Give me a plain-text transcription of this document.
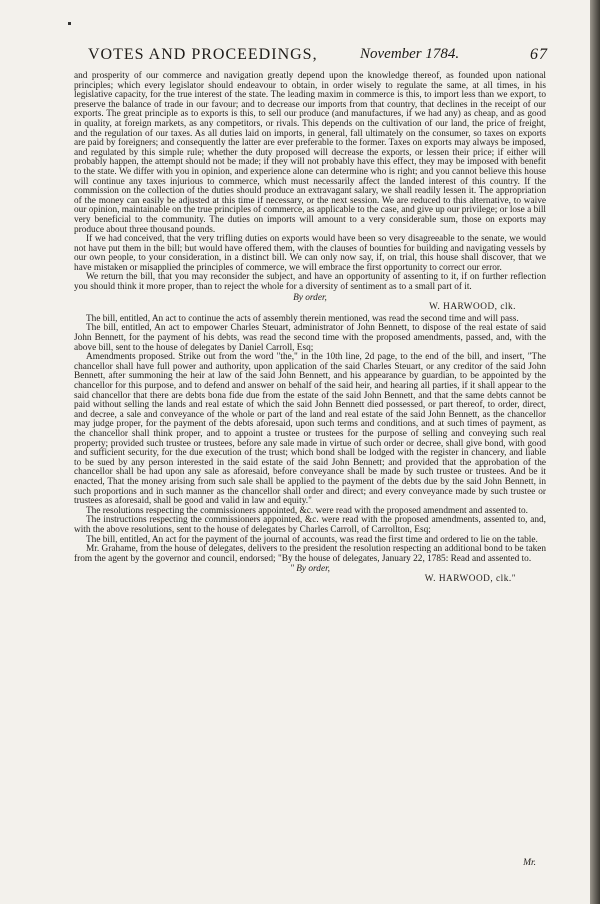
VOTES AND PROCEEDINGS,	November 1784.	67

and prosperity of our commerce and navigation greatly depend upon the knowledge thereof, as founded upon national principles; which every legislator should endeavour to obtain, in order wisely to regulate the same, at all times, in his legislative capacity, for the true interest of the state. The leading maxim in commerce is this, to import less than we export, to preserve the balance of trade in our favour; and to decrease our imports from that country, that declines in the receipt of our exports. The great principle as to exports is this, to sell our produce (and manufactures, if we had any) as cheap, and as good in quality, at foreign markets, as any competitors, or rivals. This depends on the cultivation of our land, the price of freight, and the regulation of our taxes. As all duties laid on imports, in general, fall ultimately on the consumer, so taxes on exports are paid by foreigners; and consequently the latter are ever preferable to the former. Taxes on exports may always be imposed, and regulated by this simple rule; whether the duty proposed will decrease the exports, or lessen their price; if either will probably happen, the attempt should not be made; if they will not probably have this effect, they may be imposed with benefit to the state. We differ with you in opinion, and experience alone can determine who is right; and you cannot believe this house will continue any taxes injurious to commerce, which must necessarily affect the landed interest of this country. If the commission on the collection of the duties should produce an extravagant salary, we shall readily lessen it. The appropriation of the money can easily be adjusted at this time if necessary, or the next session. We are reduced to this alternative, to waive our opinion, maintainable on the true principles of commerce, as applicable to the case, and give up our privilege; or lose a bill very beneficial to the community. The duties on imports will amount to a very considerable sum, those on exports may produce about three thousand pounds.

If we had conceived, that the very trifling duties on exports would have been so very disagreeable to the senate, we would not have put them in the bill; but would have offered them, with the clauses of bounties for building and navigating vessels by our own people, to your consideration, in a distinct bill. We can only now say, if, on trial, this house shall discover, that we have mistaken or misapplied the principles of commerce, we will embrace the first opportunity to correct our error.

We return the bill, that you may reconsider the subject, and have an opportunity of assenting to it, if on further reflection you should think it more proper, than to reject the whole for a diversity of sentiment as to a small part of it.

By order,
W. HARWOOD, clk.

The bill, entitled, An act to continue the acts of assembly therein mentioned, was read the second time and will pass.

The bill, entitled, An act to empower Charles Steuart, administrator of John Bennett, to dispose of the real estate of said John Bennett, for the payment of his debts, was read the second time with the proposed amendments, passed, and, with the above bill, sent to the house of delegates by Daniel Carroll, Esq;

Amendments proposed. Strike out from the word "the," in the 10th line, 2d page, to the end of the bill, and insert, "The chancellor shall have full power and authority, upon application of the said Charles Steuart, or any creditor of the said John Bennett, after summoning the heir at law of the said John Bennett, and his appearance by guardian, to be appointed by the chancellor for this purpose, and to defend and answer on behalf of the said heir, and hearing all parties, if it shall appear to the said chancellor that there are debts bona fide due from the estate of the said John Bennett, and that the same debts cannot be paid without selling the lands and real estate of which the said John Bennett died possessed, or part thereof, to order, direct, and decree, a sale and conveyance of the whole or part of the land and real estate of the said John Bennett, as the chancellor may judge proper, for the payment of the debts aforesaid, upon such terms and conditions, and at such times of payment, as the chancellor shall think proper, and to appoint a trustee or trustees for the purpose of selling and conveying such real property; provided such trustee or trustees, before any sale made in virtue of such order or decree, shall give bond, with good and sufficient security, for the due execution of the trust; which bond shall be lodged with the register in chancery, and liable to be sued by any person interested in the said estate of the said John Bennett; and provided that the approbation of the chancellor shall be had upon any sale as aforesaid, before conveyance shall be made by such trustee or trustees. And be it enacted, That the money arising from such sale shall be applied to the payment of the debts due by the said John Bennett, in such proportions and in such manner as the chancellor shall order and direct; and every conveyance made by such trustee or trustees as aforesaid, shall be good and valid in law and equity."

The resolutions respecting the commissioners appointed, &c. were read with the proposed amendment and assented to.

The instructions respecting the commissioners appointed, &c. were read with the proposed amendments, assented to, and, with the above resolutions, sent to the house of delegates by Charles Carroll, of Carrollton, Esq;

The bill, entitled, An act for the payment of the journal of accounts, was read the first time and ordered to lie on the table.

Mr. Grahame, from the house of delegates, delivers to the president the resolution respecting an additional bond to be taken from the agent by the governor and council, endorsed; "By the house of delegates, January 22, 1785: Read and assented to.

" By order,
W. HARWOOD, clk."
Mr.
